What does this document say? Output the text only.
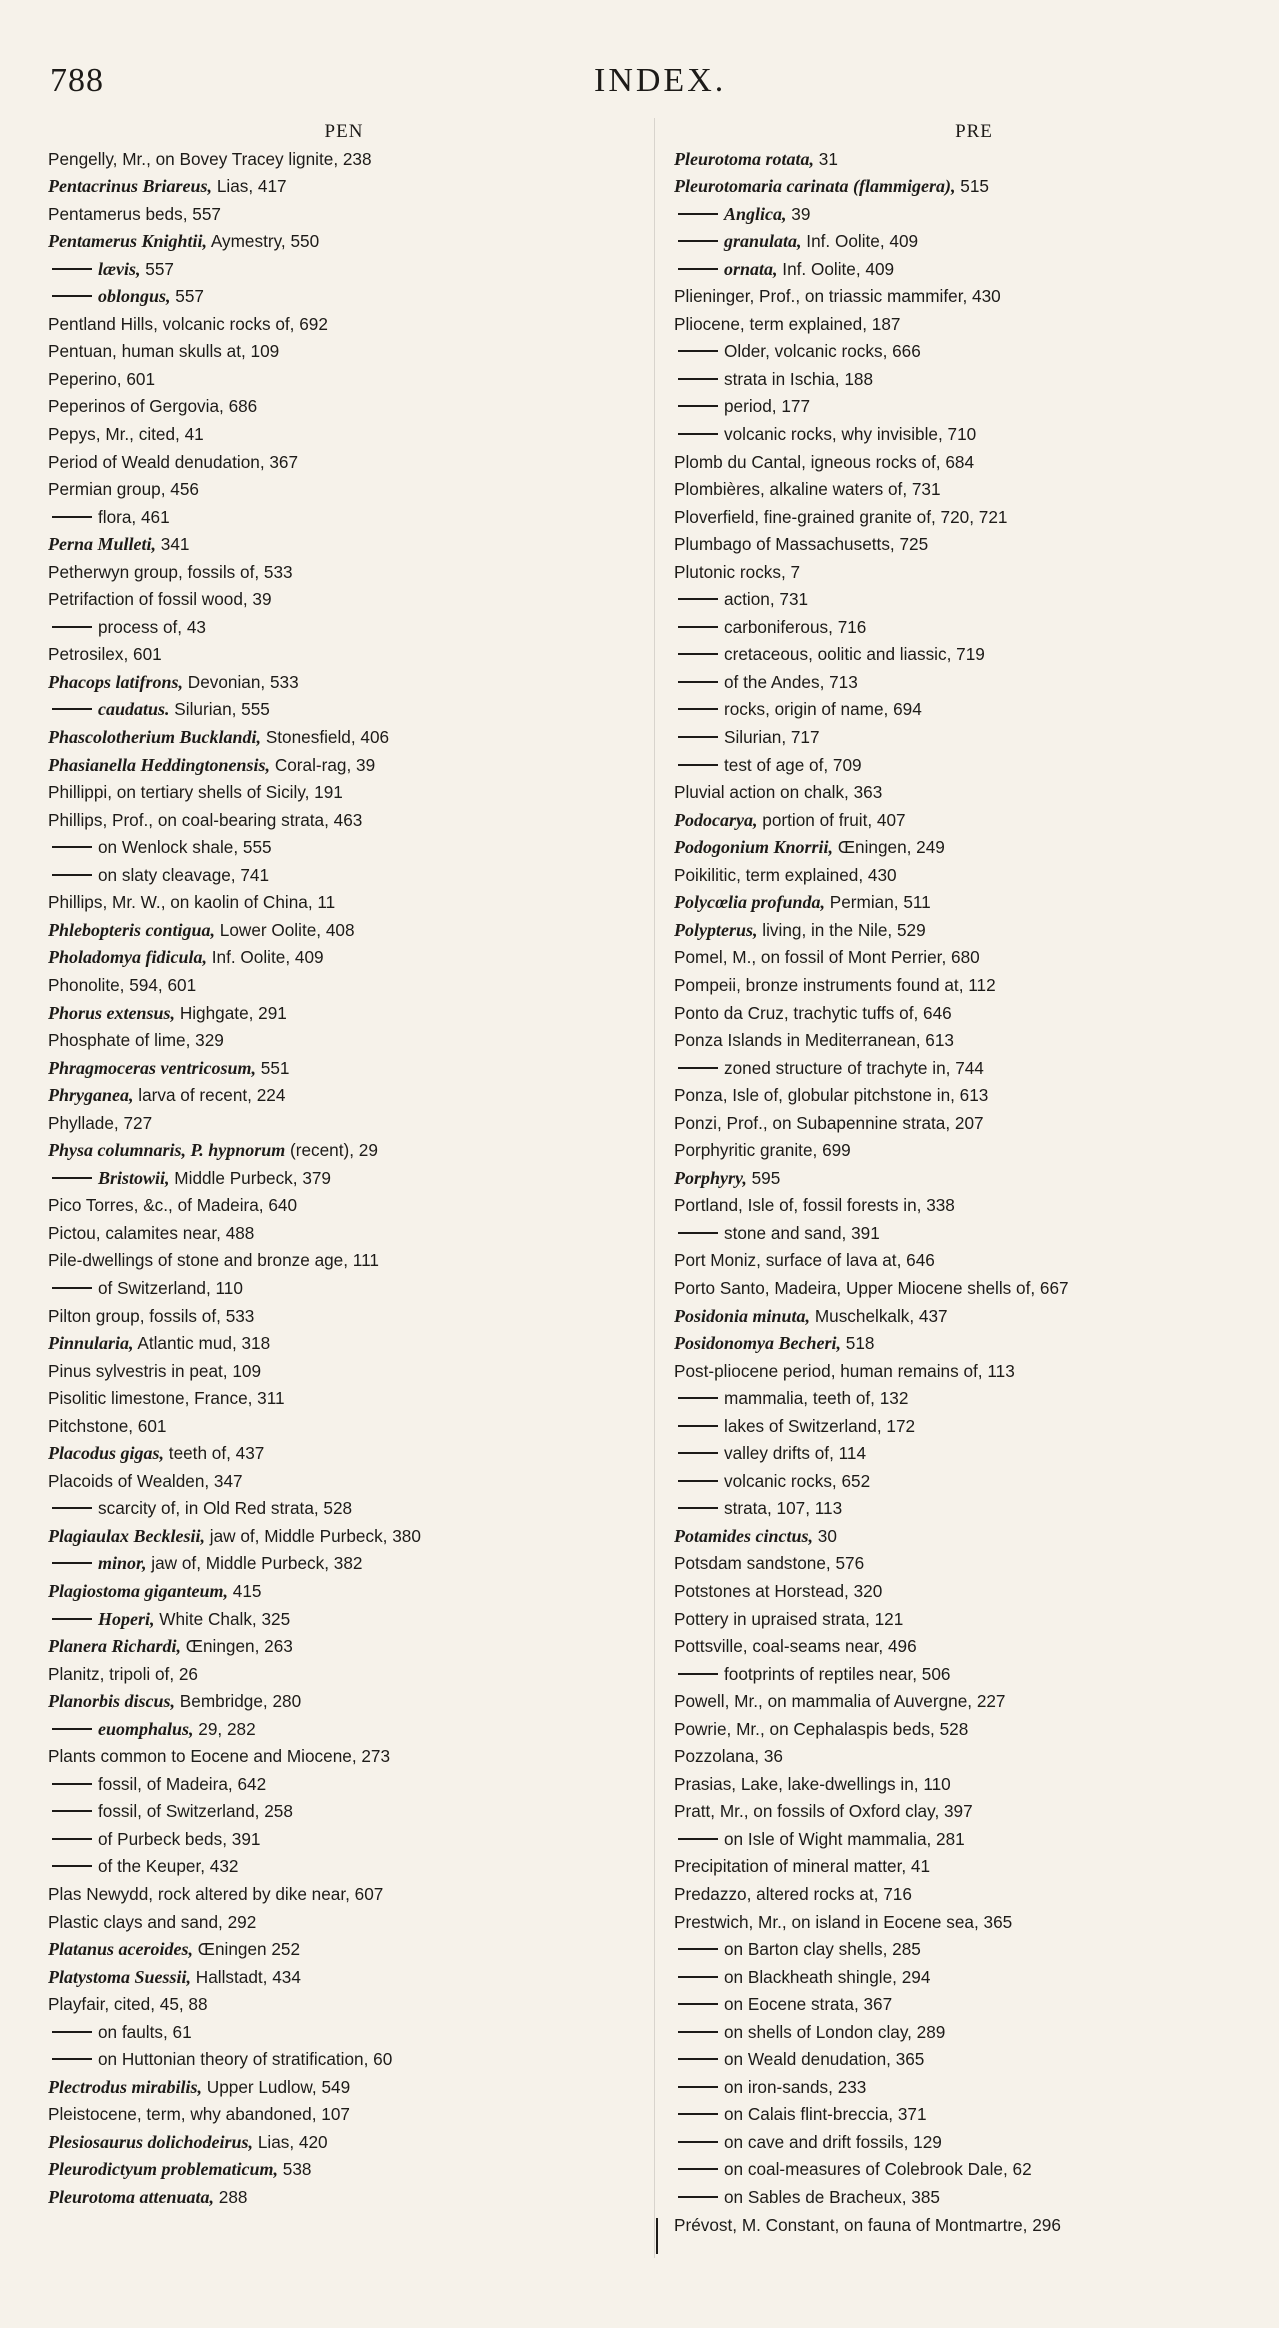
788	INDEX.
PEN
Pengelly, Mr., on Bovey Tracey lignite, 238
Pentacrinus Briareus, Lias, 417
Pentamerus beds, 557
Pentamerus Knightii, Aymestry, 550
lævis, 557
oblongus, 557
Pentland Hills, volcanic rocks of, 692
Pentuan, human skulls at, 109
Peperino, 601
Peperinos of Gergovia, 686
Pepys, Mr., cited, 41
Period of Weald denudation, 367
Permian group, 456
flora, 461
Perna Mulleti, 341
Petherwyn group, fossils of, 533
Petrifaction of fossil wood, 39
process of, 43
Petrosilex, 601
Phacops latifrons, Devonian, 533
caudatus. Silurian, 555
Phascolotherium Bucklandi, Stonesfield, 406
Phasianella Heddingtonensis, Coral-rag, 39
Phillippi, on tertiary shells of Sicily, 191
Phillips, Prof., on coal-bearing strata, 463
on Wenlock shale, 555
on slaty cleavage, 741
Phillips, Mr. W., on kaolin of China, 11
Phlebopteris contigua, Lower Oolite, 408
Pholadomya fidicula, Inf. Oolite, 409
Phonolite, 594, 601
Phorus extensus, Highgate, 291
Phosphate of lime, 329
Phragmoceras ventricosum, 551
Phryganea, larva of recent, 224
Phyllade, 727
Physa columnaris, P. hypnorum (recent), 29
Bristowii, Middle Purbeck, 379
Pico Torres, &c., of Madeira, 640
Pictou, calamites near, 488
Pile-dwellings of stone and bronze age, 111
of Switzerland, 110
Pilton group, fossils of, 533
Pinnularia, Atlantic mud, 318
Pinus sylvestris in peat, 109
Pisolitic limestone, France, 311
Pitchstone, 601
Placodus gigas, teeth of, 437
Placoids of Wealden, 347
scarcity of, in Old Red strata, 528
Plagiaulax Becklesii, jaw of, Middle Purbeck, 380
minor, jaw of, Middle Purbeck, 382
Plagiostoma giganteum, 415
Hoperi, White Chalk, 325
Planera Richardi, Œningen, 263
Planitz, tripoli of, 26
Planorbis discus, Bembridge, 280
euomphalus, 29, 282
Plants common to Eocene and Miocene, 273
fossil, of Madeira, 642
fossil, of Switzerland, 258
of Purbeck beds, 391
of the Keuper, 432
Plas Newydd, rock altered by dike near, 607
Plastic clays and sand, 292
Platanus aceroides, Œningen 252
Platystoma Suessii, Hallstadt, 434
Playfair, cited, 45, 88
on faults, 61
on Huttonian theory of stratification, 60
Plectrodus mirabilis, Upper Ludlow, 549
Pleistocene, term, why abandoned, 107
Plesiosaurus dolichodeirus, Lias, 420
Pleurodictyum problematicum, 538
Pleurotoma attenuata, 288
PRE
Pleurotoma rotata, 31
Pleurotomaria carinata (flammigera), 515
Anglica, 39
granulata, Inf. Oolite, 409
ornata, Inf. Oolite, 409
Plieninger, Prof., on triassic mammifer, 430
Pliocene, term explained, 187
Older, volcanic rocks, 666
strata in Ischia, 188
period, 177
volcanic rocks, why invisible, 710
Plomb du Cantal, igneous rocks of, 684
Plombières, alkaline waters of, 731
Ploverfield, fine-grained granite of, 720, 721
Plumbago of Massachusetts, 725
Plutonic rocks, 7
action, 731
carboniferous, 716
cretaceous, oolitic and liassic, 719
of the Andes, 713
rocks, origin of name, 694
Silurian, 717
test of age of, 709
Pluvial action on chalk, 363
Podocarya, portion of fruit, 407
Podogonium Knorrii, Œningen, 249
Poikilitic, term explained, 430
Polycœlia profunda, Permian, 511
Polypterus, living, in the Nile, 529
Pomel, M., on fossil of Mont Perrier, 680
Pompeii, bronze instruments found at, 112
Ponto da Cruz, trachytic tuffs of, 646
Ponza Islands in Mediterranean, 613
zoned structure of trachyte in, 744
Ponza, Isle of, globular pitchstone in, 613
Ponzi, Prof., on Subapennine strata, 207
Porphyritic granite, 699
Porphyry, 595
Portland, Isle of, fossil forests in, 338
stone and sand, 391
Port Moniz, surface of lava at, 646
Porto Santo, Madeira, Upper Miocene shells of, 667
Posidonia minuta, Muschelkalk, 437
Posidonomya Becheri, 518
Post-pliocene period, human remains of, 113
mammalia, teeth of, 132
lakes of Switzerland, 172
valley drifts of, 114
volcanic rocks, 652
strata, 107, 113
Potamides cinctus, 30
Potsdam sandstone, 576
Potstones at Horstead, 320
Pottery in upraised strata, 121
Pottsville, coal-seams near, 496
footprints of reptiles near, 506
Powell, Mr., on mammalia of Auvergne, 227
Powrie, Mr., on Cephalaspis beds, 528
Pozzolana, 36
Prasias, Lake, lake-dwellings in, 110
Pratt, Mr., on fossils of Oxford clay, 397
on Isle of Wight mammalia, 281
Precipitation of mineral matter, 41
Predazzo, altered rocks at, 716
Prestwich, Mr., on island in Eocene sea, 365
on Barton clay shells, 285
on Blackheath shingle, 294
on Eocene strata, 367
on shells of London clay, 289
on Weald denudation, 365
on iron-sands, 233
on Calais flint-breccia, 371
on cave and drift fossils, 129
on coal-measures of Colebrook Dale, 62
on Sables de Bracheux, 385
Prévost, M. Constant, on fauna of Montmartre, 296
